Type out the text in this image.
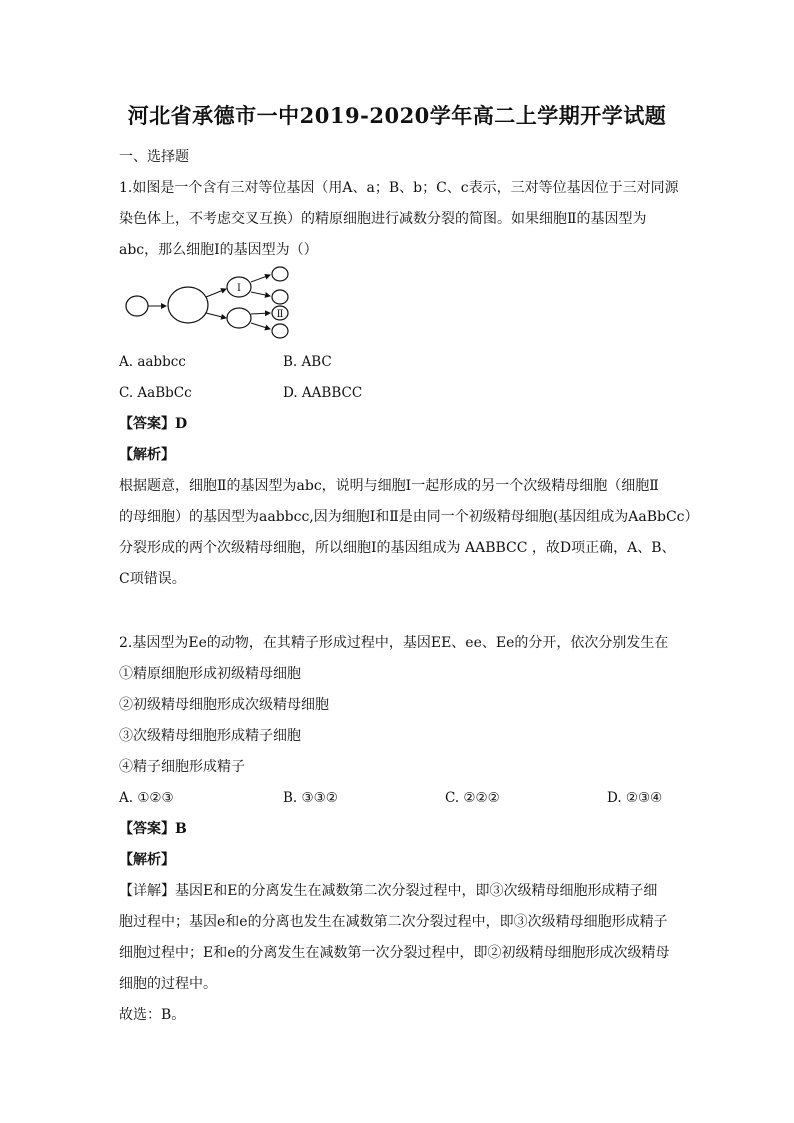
河北省承德市一中2019-2020学年高二上学期开学试题
一、选择题
1.如图是一个含有三对等位基因（用A、a；B、b；C、c表示，三对等位基因位于三对同源
染色体上，不考虑交叉互换）的精原细胞进行减数分裂的简图。如果细胞Ⅱ的基因型为
abc，那么细胞Ⅰ的基因型为（）
Ⅰ
Ⅱ
A. aabbcc	B. ABC
C. AaBbCc	D. AABBCC
【答案】D
【解析】
根据题意，细胞Ⅱ的基因型为abc，说明与细胞Ⅰ一起形成的另一个次级精母细胞（细胞Ⅱ
的母细胞）的基因型为aabbcc,因为细胞Ⅰ和Ⅱ是由同一个初级精母细胞(基因组成为AaBbCc）
分裂形成的两个次级精母细胞，所以细胞Ⅰ的基因组成为 AABBCC ，故D项正确，A、B、
C项错误。
2.基因型为Ee的动物，在其精子形成过程中，基因EE、ee、Ee的分开，依次分别发生在
①精原细胞形成初级精母细胞
②初级精母细胞形成次级精母细胞
③次级精母细胞形成精子细胞
④精子细胞形成精子
A. ①②③	B. ③③②	C. ②②②	D. ②③④
【答案】B
【解析】
【详解】基因E和E的分离发生在减数第二次分裂过程中，即③次级精母细胞形成精子细
胞过程中；基因e和e的分离也发生在减数第二次分裂过程中，即③次级精母细胞形成精子
细胞过程中；E和e的分离发生在减数第一次分裂过程中，即②初级精母细胞形成次级精母
细胞的过程中。
故选：B。
